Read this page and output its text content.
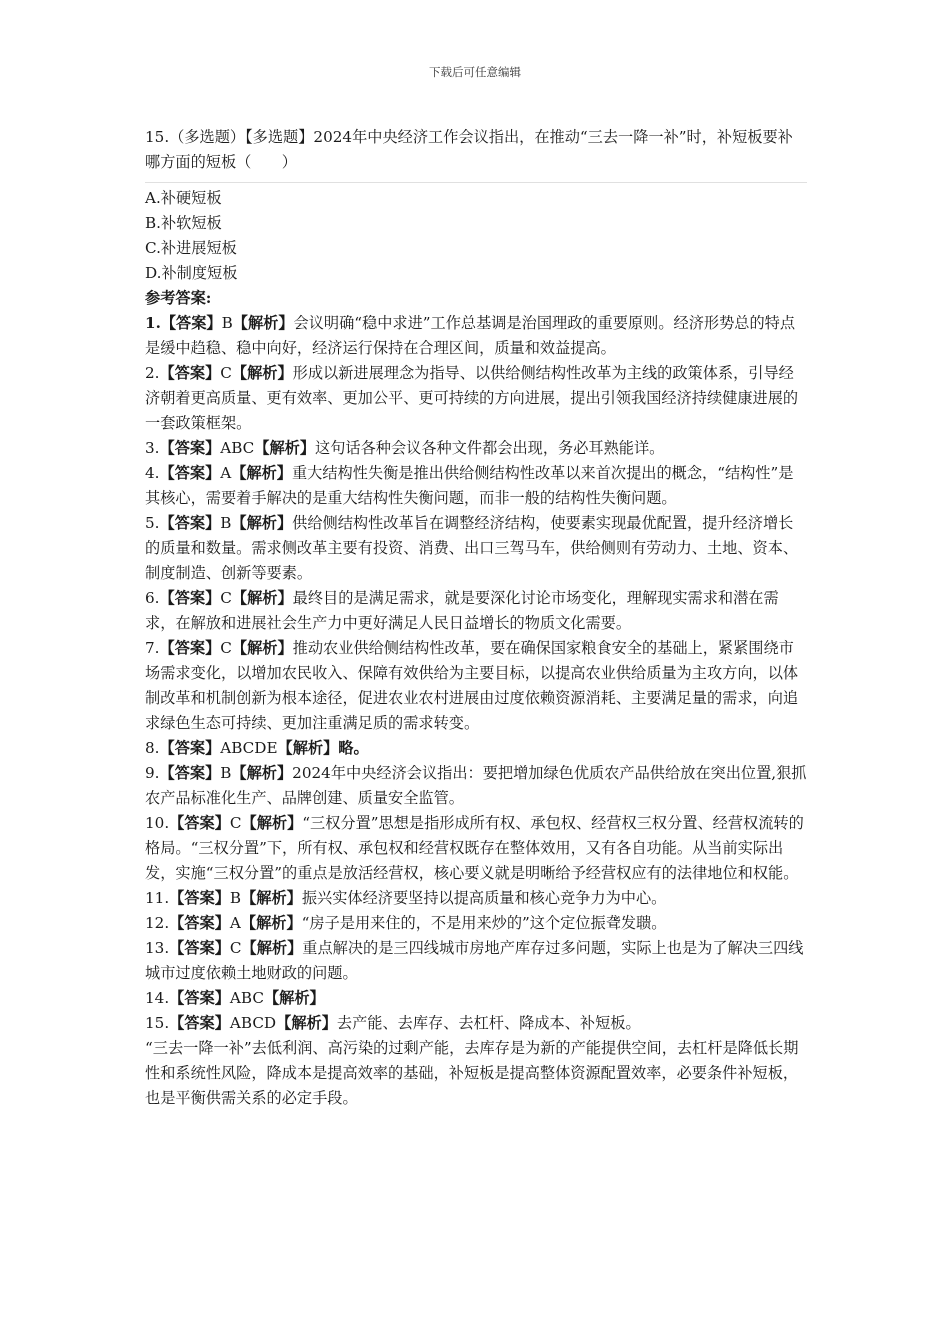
下载后可任意编辑

15.（多选题）【多选题】2024年中央经济工作会议指出，在推动“三去一降一补”时，补短板要补哪方面的短板（　　）

A.补硬短板
B.补软短板
C.补进展短板
D.补制度短板
参考答案:

1.【答案】B【解析】会议明确“稳中求进”工作总基调是治国理政的重要原则。经济形势总的特点是缓中趋稳、稳中向好，经济运行保持在合理区间，质量和效益提高。

2.【答案】C【解析】形成以新进展理念为指导、以供给侧结构性改革为主线的政策体系，引导经济朝着更高质量、更有效率、更加公平、更可持续的方向进展，提出引领我国经济持续健康进展的一套政策框架。

3.【答案】ABC【解析】这句话各种会议各种文件都会出现，务必耳熟能详。

4.【答案】A【解析】重大结构性失衡是推出供给侧结构性改革以来首次提出的概念，“结构性”是其核心，需要着手解决的是重大结构性失衡问题，而非一般的结构性失衡问题。

5.【答案】B【解析】供给侧结构性改革旨在调整经济结构，使要素实现最优配置，提升经济增长的质量和数量。需求侧改革主要有投资、消费、出口三驾马车，供给侧则有劳动力、土地、资本、制度制造、创新等要素。

6.【答案】C【解析】最终目的是满足需求，就是要深化讨论市场变化，理解现实需求和潜在需求，在解放和进展社会生产力中更好满足人民日益增长的物质文化需要。

7.【答案】C【解析】推动农业供给侧结构性改革，要在确保国家粮食安全的基础上，紧紧围绕市场需求变化，以增加农民收入、保障有效供给为主要目标，以提高农业供给质量为主攻方向，以体制改革和机制创新为根本途径，促进农业农村进展由过度依赖资源消耗、主要满足量的需求，向追求绿色生态可持续、更加注重满足质的需求转变。

8.【答案】ABCDE【解析】略。

9.【答案】B【解析】2024年中央经济会议指出：要把增加绿色优质农产品供给放在突出位置,狠抓农产品标准化生产、品牌创建、质量安全监管。

10.【答案】C【解析】“三权分置”思想是指形成所有权、承包权、经营权三权分置、经营权流转的格局。“三权分置”下，所有权、承包权和经营权既存在整体效用，又有各自功能。从当前实际出发，实施“三权分置”的重点是放活经营权，核心要义就是明晰给予经营权应有的法律地位和权能。

11.【答案】B【解析】振兴实体经济要坚持以提高质量和核心竞争力为中心。

12.【答案】A【解析】“房子是用来住的，不是用来炒的”这个定位振聋发聩。

13.【答案】C【解析】重点解决的是三四线城市房地产库存过多问题，实际上也是为了解决三四线城市过度依赖土地财政的问题。

14.【答案】ABC【解析】

15.【答案】ABCD【解析】去产能、去库存、去杠杆、降成本、补短板。

“三去一降一补”去低利润、高污染的过剩产能，去库存是为新的产能提供空间，去杠杆是降低长期性和系统性风险，降成本是提高效率的基础，补短板是提高整体资源配置效率，必要条件补短板，也是平衡供需关系的必定手段。
